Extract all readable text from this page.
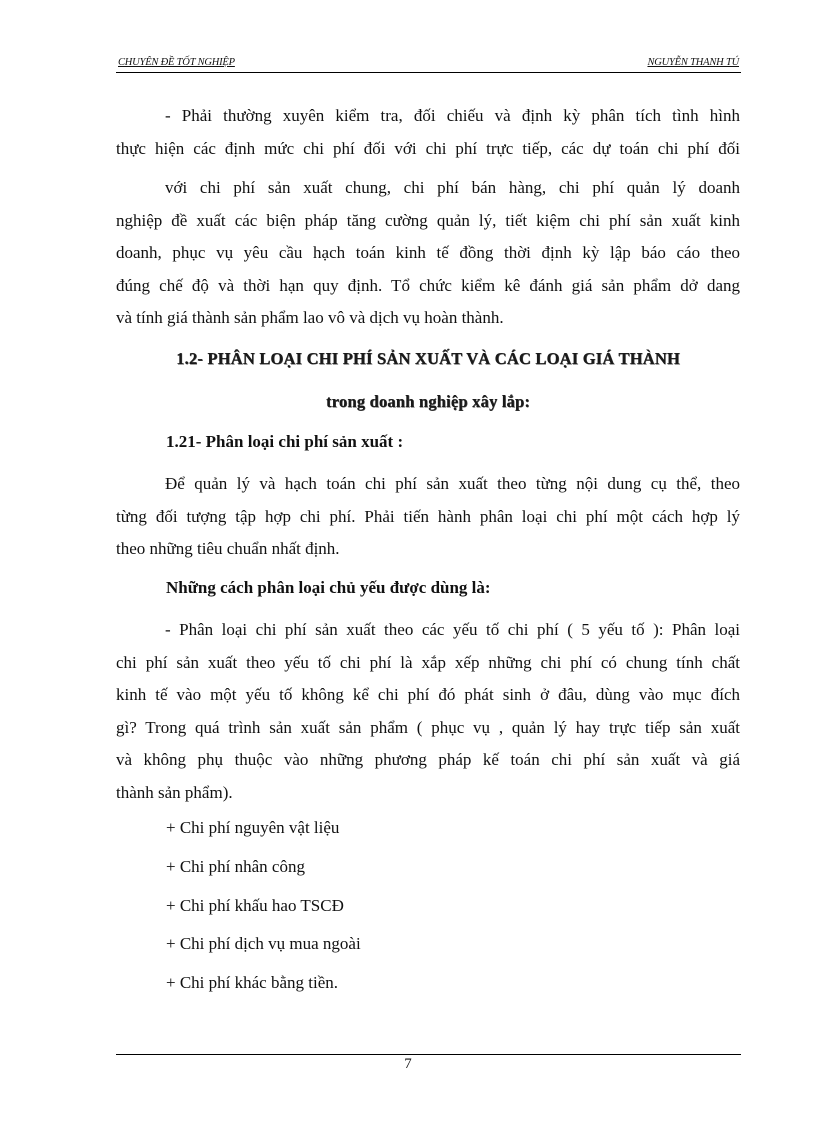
CHUYÊN ĐỀ TỐT NGHIỆP	NGUYỄN THANH TÚ
- Phải thường xuyên kiểm tra, đối chiếu và định kỳ phân tích tình hình
thực hiện các định mức chi phí đối với chi phí trực tiếp, các dự toán chi phí đối
với chi phí sản xuất chung, chi phí bán hàng, chi phí quản lý doanh
nghiệp đề xuất các biện pháp tăng cường quản lý, tiết kiệm chi phí sản xuất kinh
doanh, phục vụ yêu cầu hạch toán kinh tế đồng thời định kỳ lập báo cáo theo
đúng chế độ và thời hạn quy định. Tổ chức kiểm kê đánh giá sản phẩm dở dang
và tính giá thành sản phẩm lao vô và dịch vụ hoàn thành.
1.2- PHÂN LOẠI CHI PHÍ SẢN XUẤT VÀ CÁC LOẠI GIÁ THÀNH
trong doanh nghiệp xây lắp:
1.21- Phân loại chi phí sản xuất :
Để quản lý và hạch toán chi phí sản xuất theo từng nội dung cụ thể, theo
từng đối tượng tập hợp chi phí. Phải tiến hành phân loại chi phí một cách hợp lý
theo những tiêu chuẩn nhất định.
Những cách phân loại chủ yếu được dùng là:
- Phân loại chi phí sản xuất theo các yếu tố chi phí ( 5 yếu tố ): Phân loại
chi phí sản xuất theo yếu tố chi phí là xắp xếp những chi phí có chung tính chất
kinh tế vào một yếu tố không kể chi phí đó phát sinh ở đâu, dùng vào mục đích
gì? Trong quá trình sản xuất sản phẩm ( phục vụ , quản lý hay trực tiếp sản xuất
và không phụ thuộc vào những phương pháp kế toán chi phí sản xuất và giá
thành sản phẩm).
+ Chi phí nguyên vật liệu
+ Chi phí nhân công
+ Chi phí khấu hao TSCĐ
+ Chi phí dịch vụ mua ngoài
+ Chi phí khác bằng tiền.
7
